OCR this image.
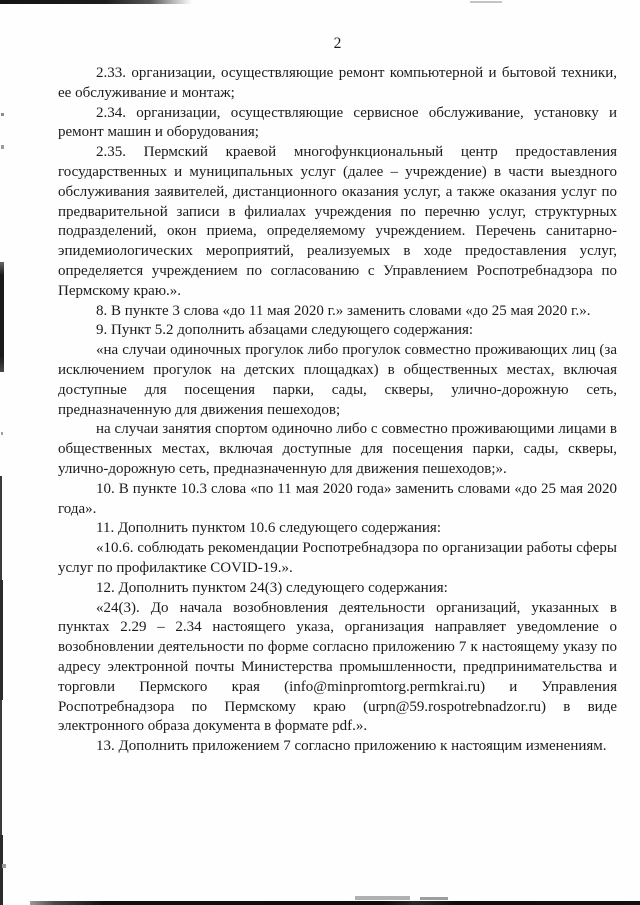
2

2.33. организации, осуществляющие ремонт компьютерной и бытовой техники, ее обслуживание и монтаж;

2.34. организации, осуществляющие сервисное обслуживание, установку и ремонт машин и оборудования;

2.35. Пермский краевой многофункциональный центр предоставления государственных и муниципальных услуг (далее – учреждение) в части выездного обслуживания заявителей, дистанционного оказания услуг, а также оказания услуг по предварительной записи в филиалах учреждения по перечню услуг, структурных подразделений, окон приема, определяемому учреждением. Перечень санитарно-эпидемиологических мероприятий, реализуемых в ходе предоставления услуг, определяется учреждением по согласованию с Управлением Роспотребнадзора по Пермскому краю.».

8. В пункте 3 слова «до 11 мая 2020 г.» заменить словами «до 25 мая 2020 г.».

9. Пункт 5.2 дополнить абзацами следующего содержания:

«на случаи одиночных прогулок либо прогулок совместно проживающих лиц (за исключением прогулок на детских площадках) в общественных местах, включая доступные для посещения парки, сады, скверы, улично-дорожную сеть, предназначенную для движения пешеходов;

на случаи занятия спортом одиночно либо с совместно проживающими лицами в общественных местах, включая доступные для посещения парки, сады, скверы, улично-дорожную сеть, предназначенную для движения пешеходов;».

10. В пункте 10.3 слова «по 11 мая 2020 года» заменить словами «до 25 мая 2020 года».

11. Дополнить пунктом 10.6 следующего содержания:

«10.6. соблюдать рекомендации Роспотребнадзора по организации работы сферы услуг по профилактике COVID-19.».

12. Дополнить пунктом 24(3) следующего содержания:

«24(3). До начала возобновления деятельности организаций, указанных в пунктах 2.29 – 2.34 настоящего указа, организация направляет уведомление о возобновлении деятельности по форме согласно приложению 7 к настоящему указу по адресу электронной почты Министерства промышленности, предпринимательства и торговли Пермского края (info@minpromtorg.permkrai.ru) и Управления Роспотребнадзора по Пермскому краю (urpn@59.rospotrebnadzor.ru) в виде электронного образа документа в формате pdf.».

13. Дополнить приложением 7 согласно приложению к настоящим изменениям.
